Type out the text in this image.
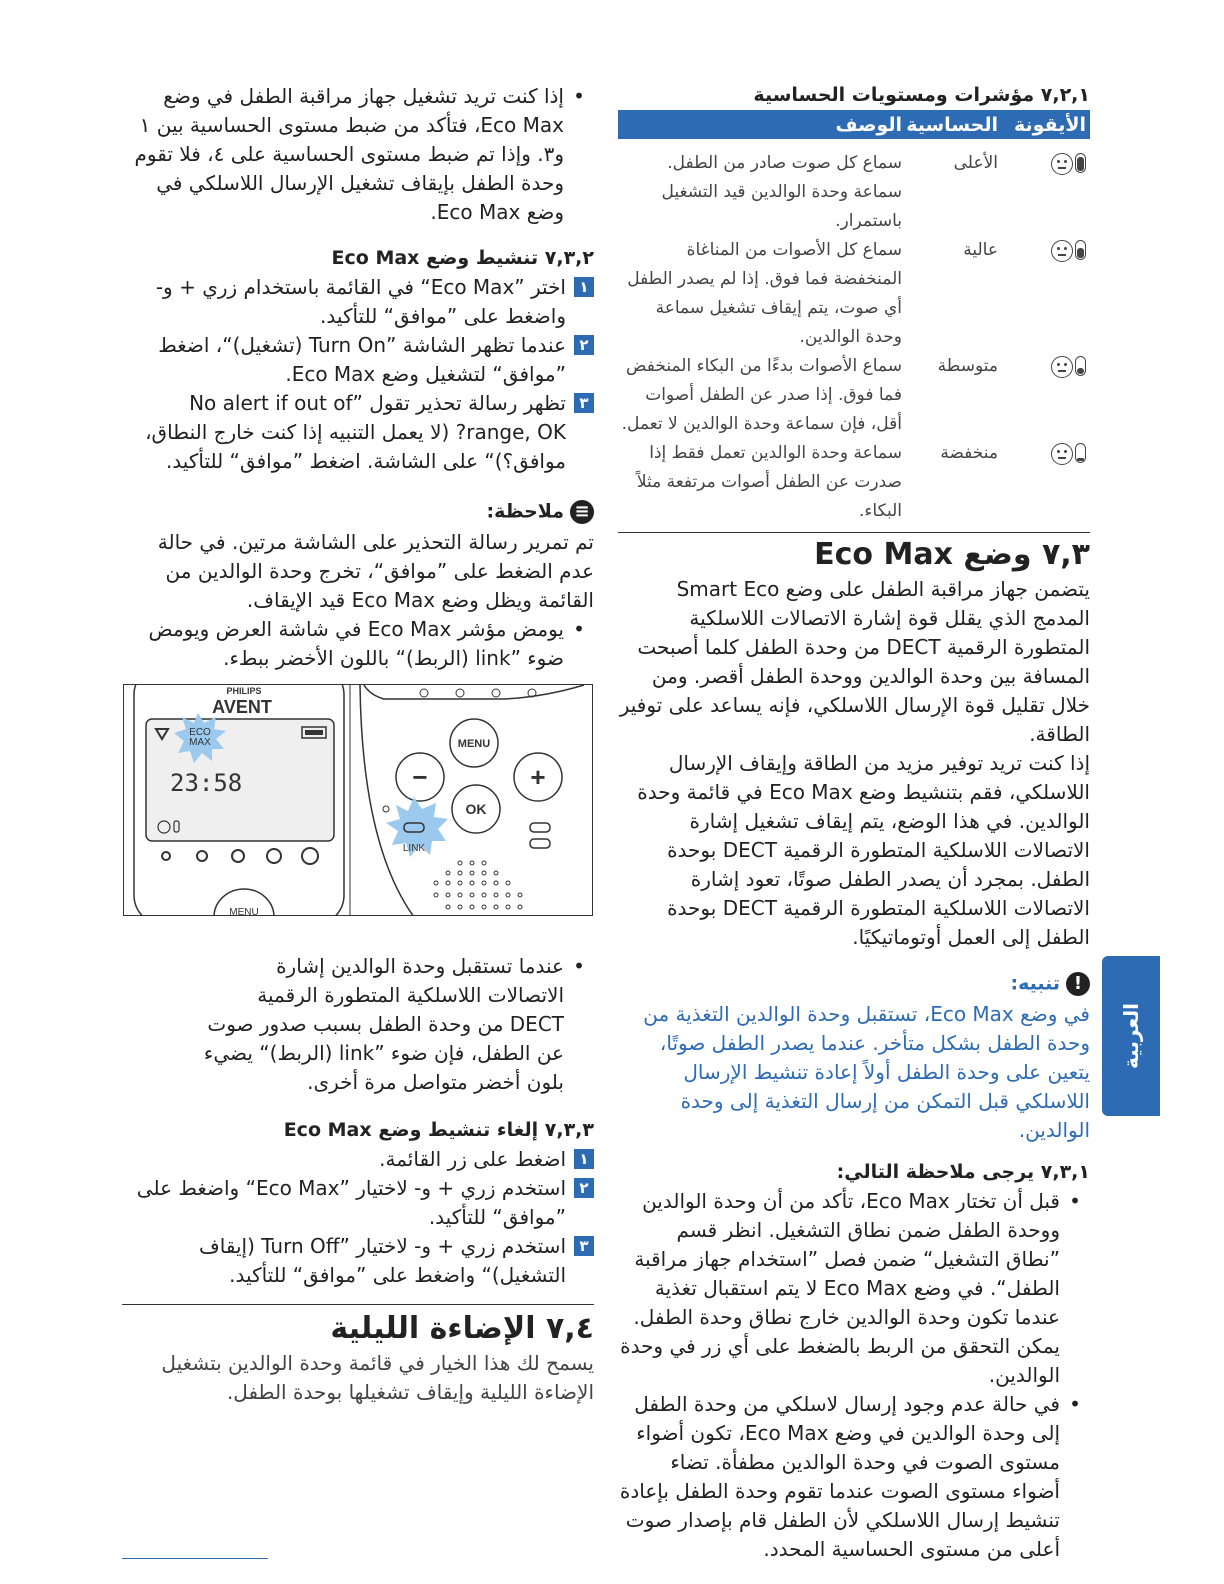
٧,٢,١ مؤشرات ومستويات الحساسية
الأيقونة
الحساسية
الوصف
الأعلى
سماع كل صوت صادر من الطفل. سماعة وحدة الوالدين قيد التشغيل باستمرار.
عالية
سماع كل الأصوات من المناغاة المنخفضة فما فوق. إذا لم يصدر الطفل أي صوت، يتم إيقاف تشغيل سماعة وحدة الوالدين.
متوسطة
سماع الأصوات بدءًا من البكاء المنخفض فما فوق. إذا صدر عن الطفل أصوات أقل، فإن سماعة وحدة الوالدين لا تعمل.
منخفضة
سماعة وحدة الوالدين تعمل فقط إذا صدرت عن الطفل أصوات مرتفعة مثلاً البكاء.
٧,٣ وضع Eco Max

يتضمن جهاز مراقبة الطفل على وضع Smart Eco المدمج الذي يقلل قوة إشارة الاتصالات اللاسلكية المتطورة الرقمية DECT من وحدة الطفل كلما أصبحت المسافة بين وحدة الوالدين ووحدة الطفل أقصر. ومن خلال تقليل قوة الإرسال اللاسلكي، فإنه يساعد على توفير الطاقة.

إذا كنت تريد توفير مزيد من الطاقة وإيقاف الإرسال اللاسلكي، فقم بتنشيط وضع Eco Max في قائمة وحدة الوالدين. في هذا الوضع، يتم إيقاف تشغيل إشارة الاتصالات اللاسلكية المتطورة الرقمية DECT بوحدة الطفل. بمجرد أن يصدر الطفل صوتًا، تعود إشارة الاتصالات اللاسلكية المتطورة الرقمية DECT بوحدة الطفل إلى العمل أوتوماتيكيًا.

!تنبيه:

في وضع Eco Max، تستقبل وحدة الوالدين التغذية من وحدة الطفل بشكل متأخر. عندما يصدر الطفل صوتًا، يتعين على وحدة الطفل أولاً إعادة تنشيط الإرسال اللاسلكي قبل التمكن من إرسال التغذية إلى وحدة الوالدين.

٧,٣,١ يرجى ملاحظة التالي:
•
قبل أن تختار Eco Max، تأكد من أن وحدة الوالدين ووحدة الطفل ضمن نطاق التشغيل. انظر قسم ”نطاق التشغيل“ ضمن فصل ”استخدام جهاز مراقبة الطفل“. في وضع Eco Max لا يتم استقبال تغذية عندما تكون وحدة الوالدين خارج نطاق وحدة الطفل. يمكن التحقق من الربط بالضغط على أي زر في وحدة الوالدين.
•
في حالة عدم وجود إرسال لاسلكي من وحدة الطفل إلى وحدة الوالدين في وضع Eco Max، تكون أضواء مستوى الصوت في وحدة الوالدين مطفأة. تضاء أضواء مستوى الصوت عندما تقوم وحدة الطفل بإعادة تنشيط إرسال اللاسلكي لأن الطفل قام بإصدار صوت أعلى من مستوى الحساسية المحدد.
•
إذا كنت تريد تشغيل جهاز مراقبة الطفل في وضع Eco Max، فتأكد من ضبط مستوى الحساسية بين ١ و٣. وإذا تم ضبط مستوى الحساسية على ٤، فلا تقوم وحدة الطفل بإيقاف تشغيل الإرسال اللاسلكي في وضع Eco Max.
٧,٣,٢ تنشيط وضع Eco Max
١
اختر ”Eco Max“ في القائمة باستخدام زري + و- واضغط على ”موافق“ للتأكيد.
٢
عندما تظهر الشاشة ”Turn On (تشغيل)“، اضغط ”موافق“ لتشغيل وضع Eco Max.
٣
تظهر رسالة تحذير تقول ”No alert if out of range, OK? (لا يعمل التنبيه إذا كنت خارج النطاق، موافق؟)“ على الشاشة. اضغط ”موافق“ للتأكيد.
≡ملاحظة:

تم تمرير رسالة التحذير على الشاشة مرتين. في حالة عدم الضغط على ”موافق“، تخرج وحدة الوالدين من القائمة ويظل وضع Eco Max قيد الإيقاف.

•
يومض مؤشر Eco Max في شاشة العرض ويومض ضوء ”link (الربط)“ باللون الأخضر ببطء.
PHILIPS
AVENT
ECO
MAX
23:58
MENU
MENU
−	+
OK
LINK
•
عندما تستقبل وحدة الوالدين إشارة الاتصالات اللاسلكية المتطورة الرقمية DECT من وحدة الطفل بسبب صدور صوت عن الطفل، فإن ضوء ”link (الربط)“ يضيء بلون أخضر متواصل مرة أخرى.
٧,٣,٣ إلغاء تنشيط وضع Eco Max
١
اضغط على زر القائمة.
٢
استخدم زري + و- لاختيار ”Eco Max“ واضغط على ”موافق“ للتأكيد.
٣
استخدم زري + و- لاختيار ”Turn Off (إيقاف التشغيل)“ واضغط على ”موافق“ للتأكيد.
٧,٤ الإضاءة الليلية

يسمح لك هذا الخيار في قائمة وحدة الوالدين بتشغيل الإضاءة الليلية وإيقاف تشغيلها بوحدة الطفل.

العربية
